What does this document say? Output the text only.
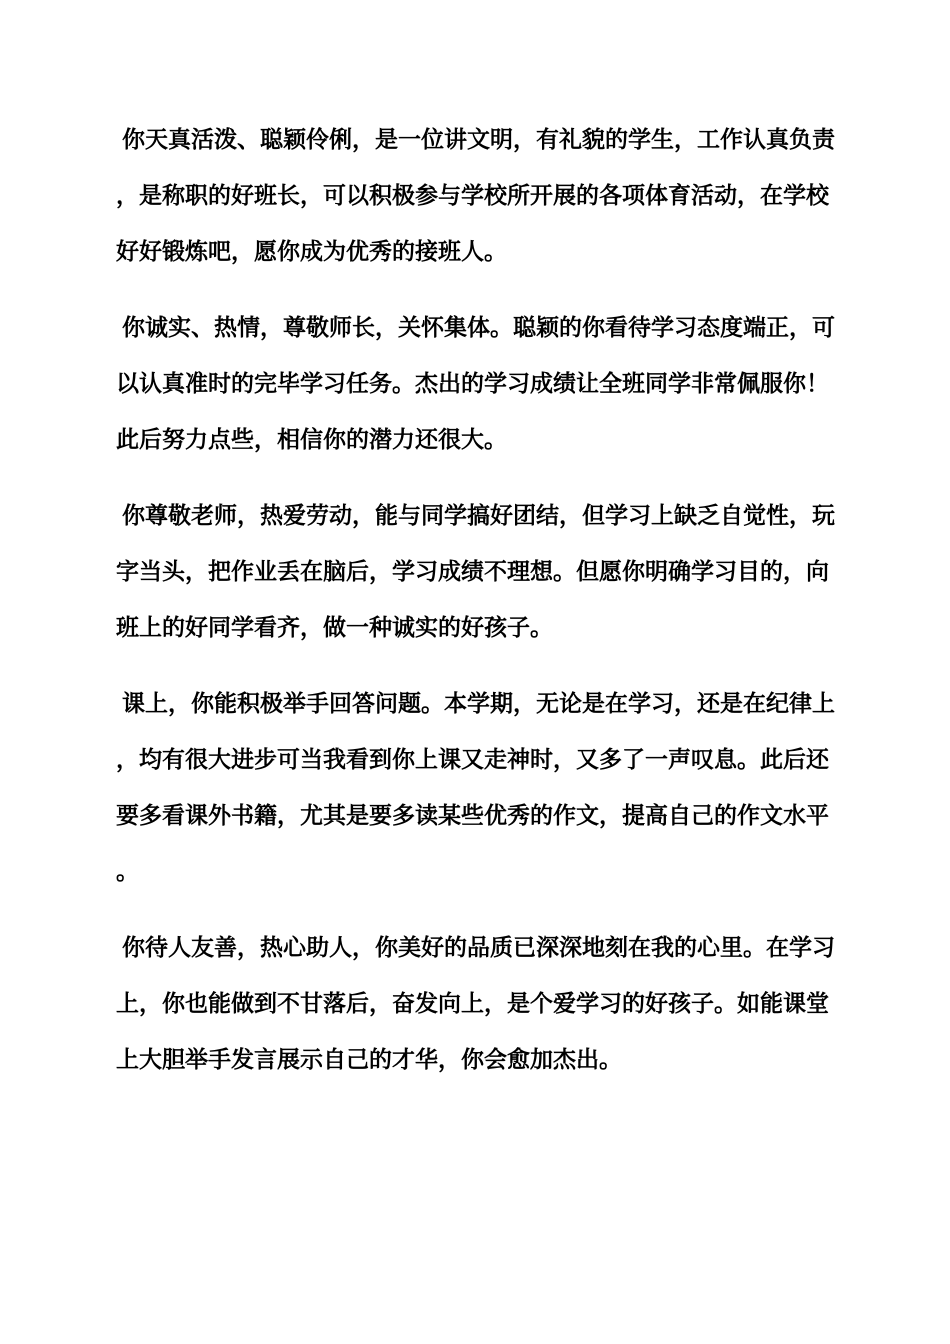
你天真活泼、聪颖伶俐，是一位讲文明，有礼貌的学生，工作认真负责，是称职的好班长，可以积极参与学校所开展的各项体育活动，在学校好好锻炼吧，愿你成为优秀的接班人。

你诚实、热情，尊敬师长，关怀集体。聪颖的你看待学习态度端正，可以认真准时的完毕学习任务。杰出的学习成绩让全班同学非常佩服你！此后努力点些，相信你的潜力还很大。

你尊敬老师，热爱劳动，能与同学搞好团结，但学习上缺乏自觉性，玩字当头，把作业丢在脑后，学习成绩不理想。但愿你明确学习目的，向班上的好同学看齐，做一种诚实的好孩子。

课上，你能积极举手回答问题。本学期，无论是在学习，还是在纪律上，均有很大进步可当我看到你上课又走神时，又多了一声叹息。此后还要多看课外书籍，尤其是要多读某些优秀的作文，提高自己的作文水平。

你待人友善，热心助人，你美好的品质已深深地刻在我的心里。在学习上，你也能做到不甘落后，奋发向上，是个爱学习的好孩子。如能课堂上大胆举手发言展示自己的才华，你会愈加杰出。
